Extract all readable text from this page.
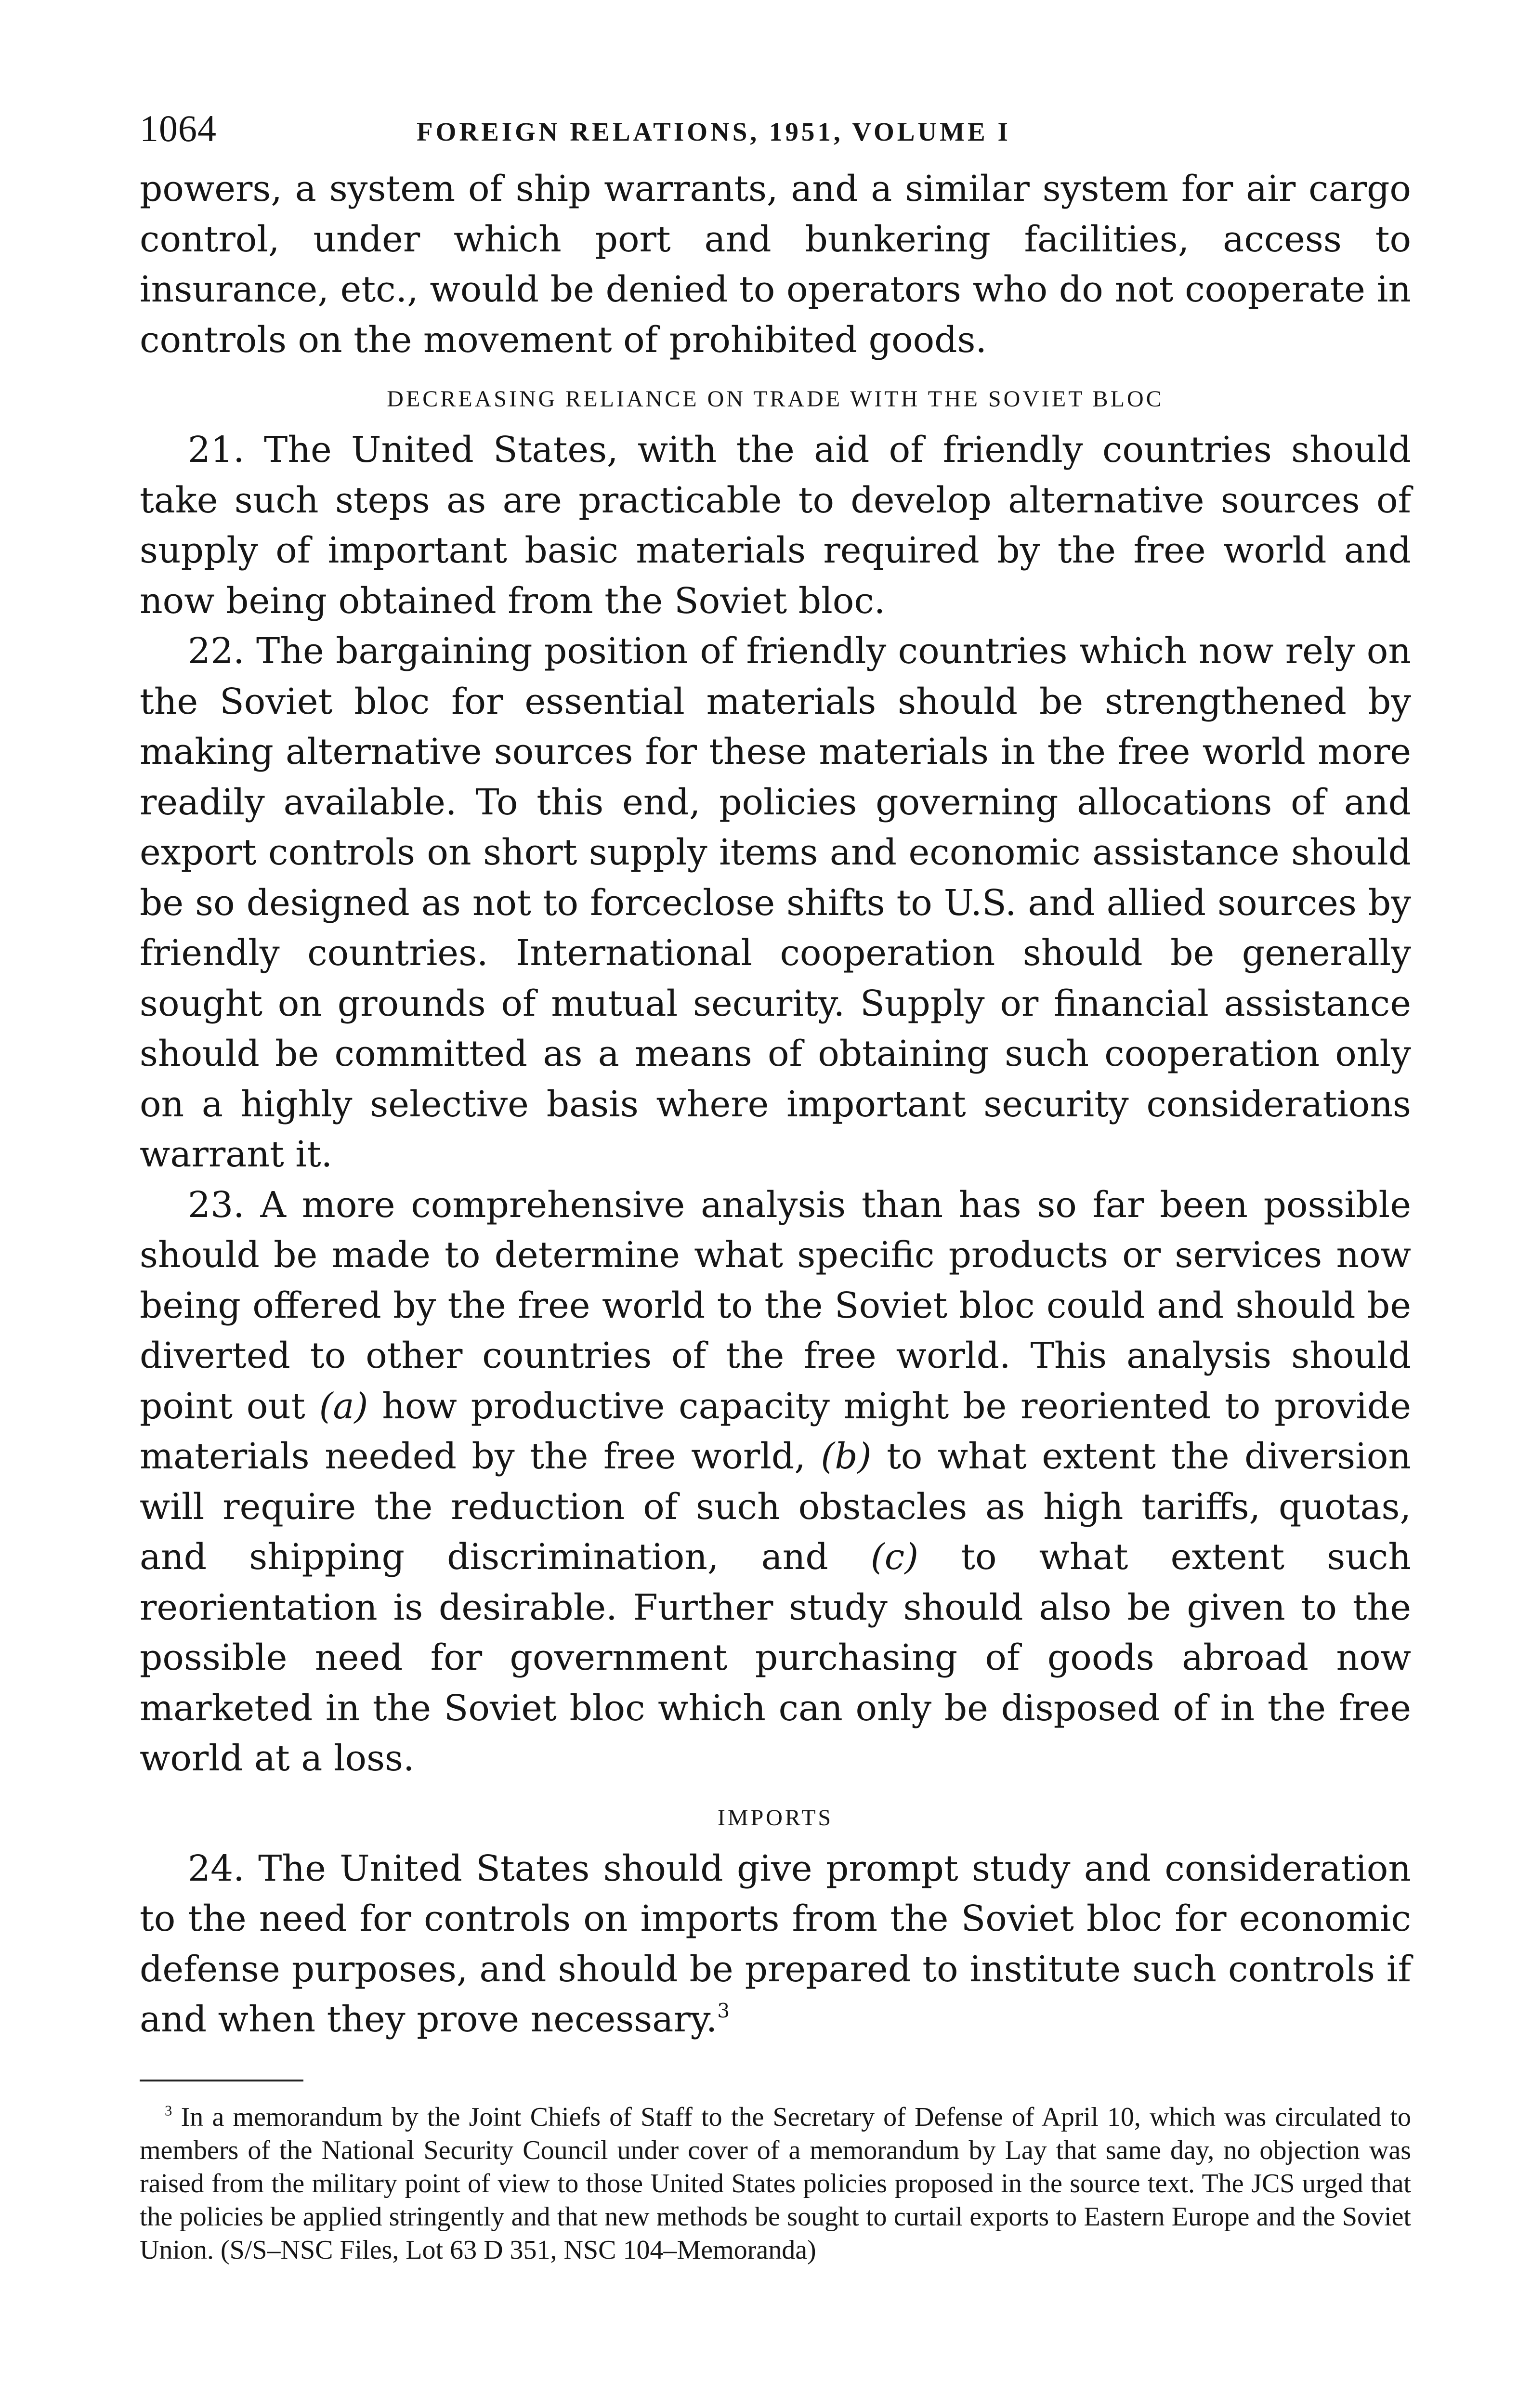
1064	FOREIGN RELATIONS, 1951, VOLUME I

powers, a system of ship warrants, and a similar system for air cargo control, under which port and bunkering facilities, access to insurance, etc., would be denied to operators who do not cooperate in controls on the movement of prohibited goods.

DECREASING RELIANCE ON TRADE WITH THE SOVIET BLOC

21. The United States, with the aid of friendly countries should take such steps as are practicable to develop alternative sources of supply of important basic materials required by the free world and now being obtained from the Soviet bloc.

22. The bargaining position of friendly countries which now rely on the Soviet bloc for essential materials should be strengthened by making alternative sources for these materials in the free world more readily available. To this end, policies governing allocations of and export controls on short supply items and economic assistance should be so designed as not to forceclose shifts to U.S. and allied sources by friendly countries. International cooperation should be generally sought on grounds of mutual security. Supply or financial assistance should be committed as a means of obtaining such cooperation only on a highly selective basis where important security considerations warrant it.

23. A more comprehensive analysis than has so far been possible should be made to determine what specific products or services now being offered by the free world to the Soviet bloc could and should be diverted to other countries of the free world. This analysis should point out (a) how productive capacity might be reoriented to provide materials needed by the free world, (b) to what extent the diversion will require the reduction of such obstacles as high tariffs, quotas, and shipping discrimination, and (c) to what extent such reorientation is desirable. Further study should also be given to the possible need for government purchasing of goods abroad now marketed in the Soviet bloc which can only be disposed of in the free world at a loss.

IMPORTS

24. The United States should give prompt study and consideration to the need for controls on imports from the Soviet bloc for economic defense purposes, and should be prepared to institute such controls if and when they prove necessary.$^3$

$^3$ In a memorandum by the Joint Chiefs of Staff to the Secretary of Defense of April 10, which was circulated to members of the National Security Council under cover of a memorandum by Lay that same day, no objection was raised from the military point of view to those United States policies proposed in the source text. The JCS urged that the policies be applied stringently and that new methods be sought to curtail exports to Eastern Europe and the Soviet Union. (S/S–NSC Files, Lot 63 D 351, NSC 104–Memoranda)
